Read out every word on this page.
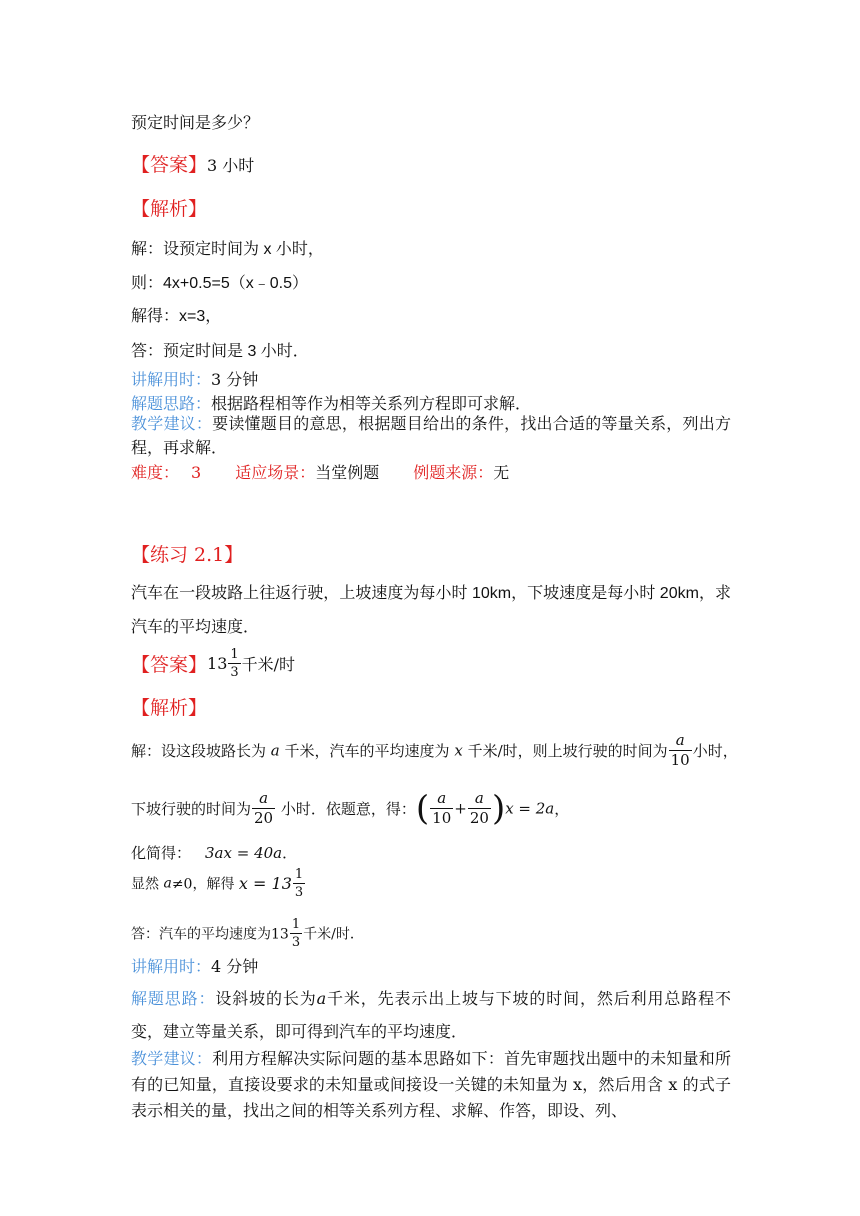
预定时间是多少？
【答案】3 小时
【解析】
解：设预定时间为 x 小时，
则：4x+0.5=5（x﹣0.5）
解得：x=3，
答：预定时间是 3 小时．
讲解用时：3 分钟
解题思路：根据路程相等作为相等关系列方程即可求解．
教学建议：要读懂题目的意思，根据题目给出的条件，找出合适的等量关系，列出方程，再求解．
难度： 3 适应场景：当堂例题 例题来源：无
【练习 2.1】
汽车在一段坡路上往返行驶，上坡速度为每小时 10km，下坡速度是每小时 20km，求汽车的平均速度．
【答案】$13 \frac{1}{3}$ 千米/时
【解析】
解：设这段坡路长为 a 千米，汽车的平均速度为 x 千米/时，则上坡行驶的时间为 $\frac{a}{10}$ 小时，
下坡行驶的时间为 $\frac{a}{20}$ 小时．依题意，得：( $\frac{a}{10} + \frac{a}{20} )x = 2a$，
化简得： 3ax = 40a．
显然 a≠0，解得 $x = 13 \frac{1}{3}$
答：汽车的平均速度为$13 \frac{1}{3}$ 千米/时．
讲解用时：4 分钟
解题思路：设斜坡的长为a千米，先表示出上坡与下坡的时间，然后利用总路程不变，建立等量关系，即可得到汽车的平均速度．
教学建议：利用方程解决实际问题的基本思路如下：首先审题找出题中的未知量和所有的已知量，直接设要求的未知量或间接设一关键的未知量为 x，然后用含 x 的式子表示相关的量，找出之间的相等关系列方程、求解、作答，即设、列、
